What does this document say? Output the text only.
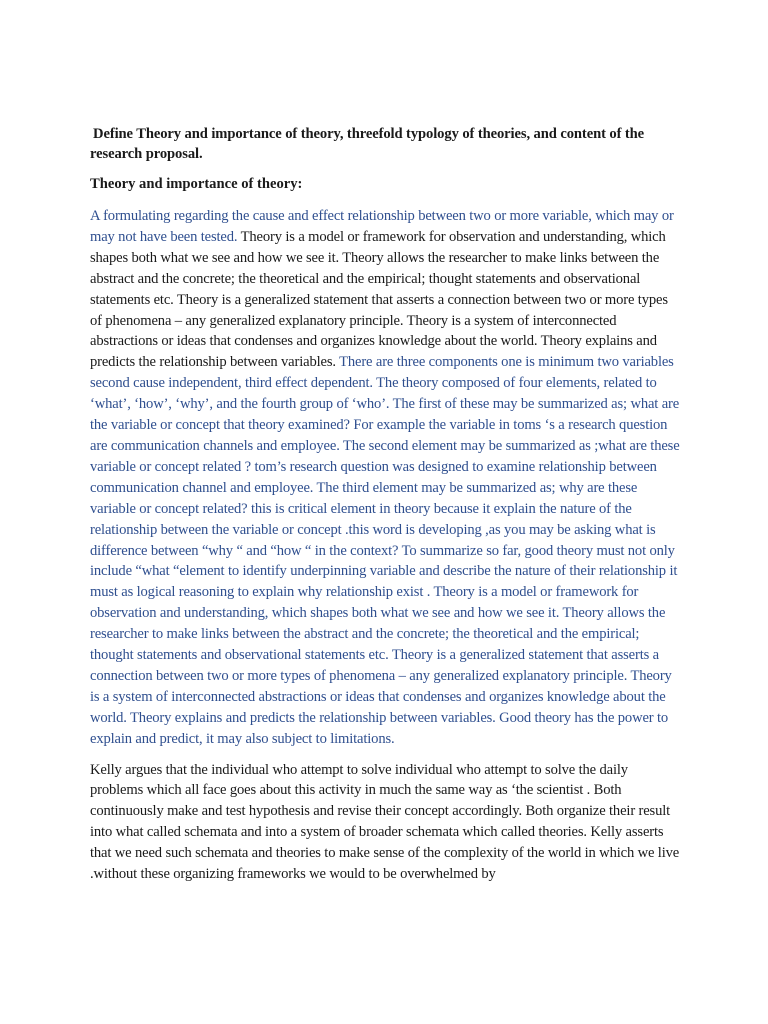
Define Theory and importance of theory, threefold typology of theories, and content of the research proposal.

Theory and importance of theory:

A formulating regarding the cause and effect relationship between two or more variable, which may or may not have been tested. Theory is a model or framework for observation and understanding, which shapes both what we see and how we see it. Theory allows the researcher to make links between the abstract and the concrete; the theoretical and the empirical; thought statements and observational statements etc. Theory is a generalized statement that asserts a connection between two or more types of phenomena – any generalized explanatory principle. Theory is a system of interconnected abstractions or ideas that condenses and organizes knowledge about the world. Theory explains and predicts the relationship between variables. There are three components one is minimum two variables second cause independent, third effect dependent. The theory composed of four elements, related to ‘what’, ‘how’, ‘why’, and the fourth group of ‘who’. The first of these may be summarized as; what are the variable or concept that theory examined? For example the variable in toms ‘s a research question are communication channels and employee. The second element may be summarized as ;what are these variable or concept related ? tom’s research question was designed to examine relationship between communication channel and employee. The third element may be summarized as; why are these variable or concept related? this is critical element in theory because it explain the nature of the relationship between the variable or concept .this word is developing ,as you may be asking what is difference between “why “ and “how “ in the context? To summarize so far, good theory must not only include “what “element to identify underpinning variable and describe the nature of their relationship it must as logical reasoning to explain why relationship exist . Theory is a model or framework for observation and understanding, which shapes both what we see and how we see it. Theory allows the researcher to make links between the abstract and the concrete; the theoretical and the empirical; thought statements and observational statements etc. Theory is a generalized statement that asserts a connection between two or more types of phenomena – any generalized explanatory principle. Theory is a system of interconnected abstractions or ideas that condenses and organizes knowledge about the world. Theory explains and predicts the relationship between variables. Good theory has the power to explain and predict, it may also subject to limitations.

Kelly argues that the individual who attempt to solve individual who attempt to solve the daily problems which all face goes about this activity in much the same way as ‘the scientist . Both continuously make and test hypothesis and revise their concept accordingly. Both organize their result into what called schemata and into a system of broader schemata which called theories. Kelly asserts that we need such schemata and theories to make sense of the complexity of the world in which we live .without these organizing frameworks we would to be overwhelmed by
